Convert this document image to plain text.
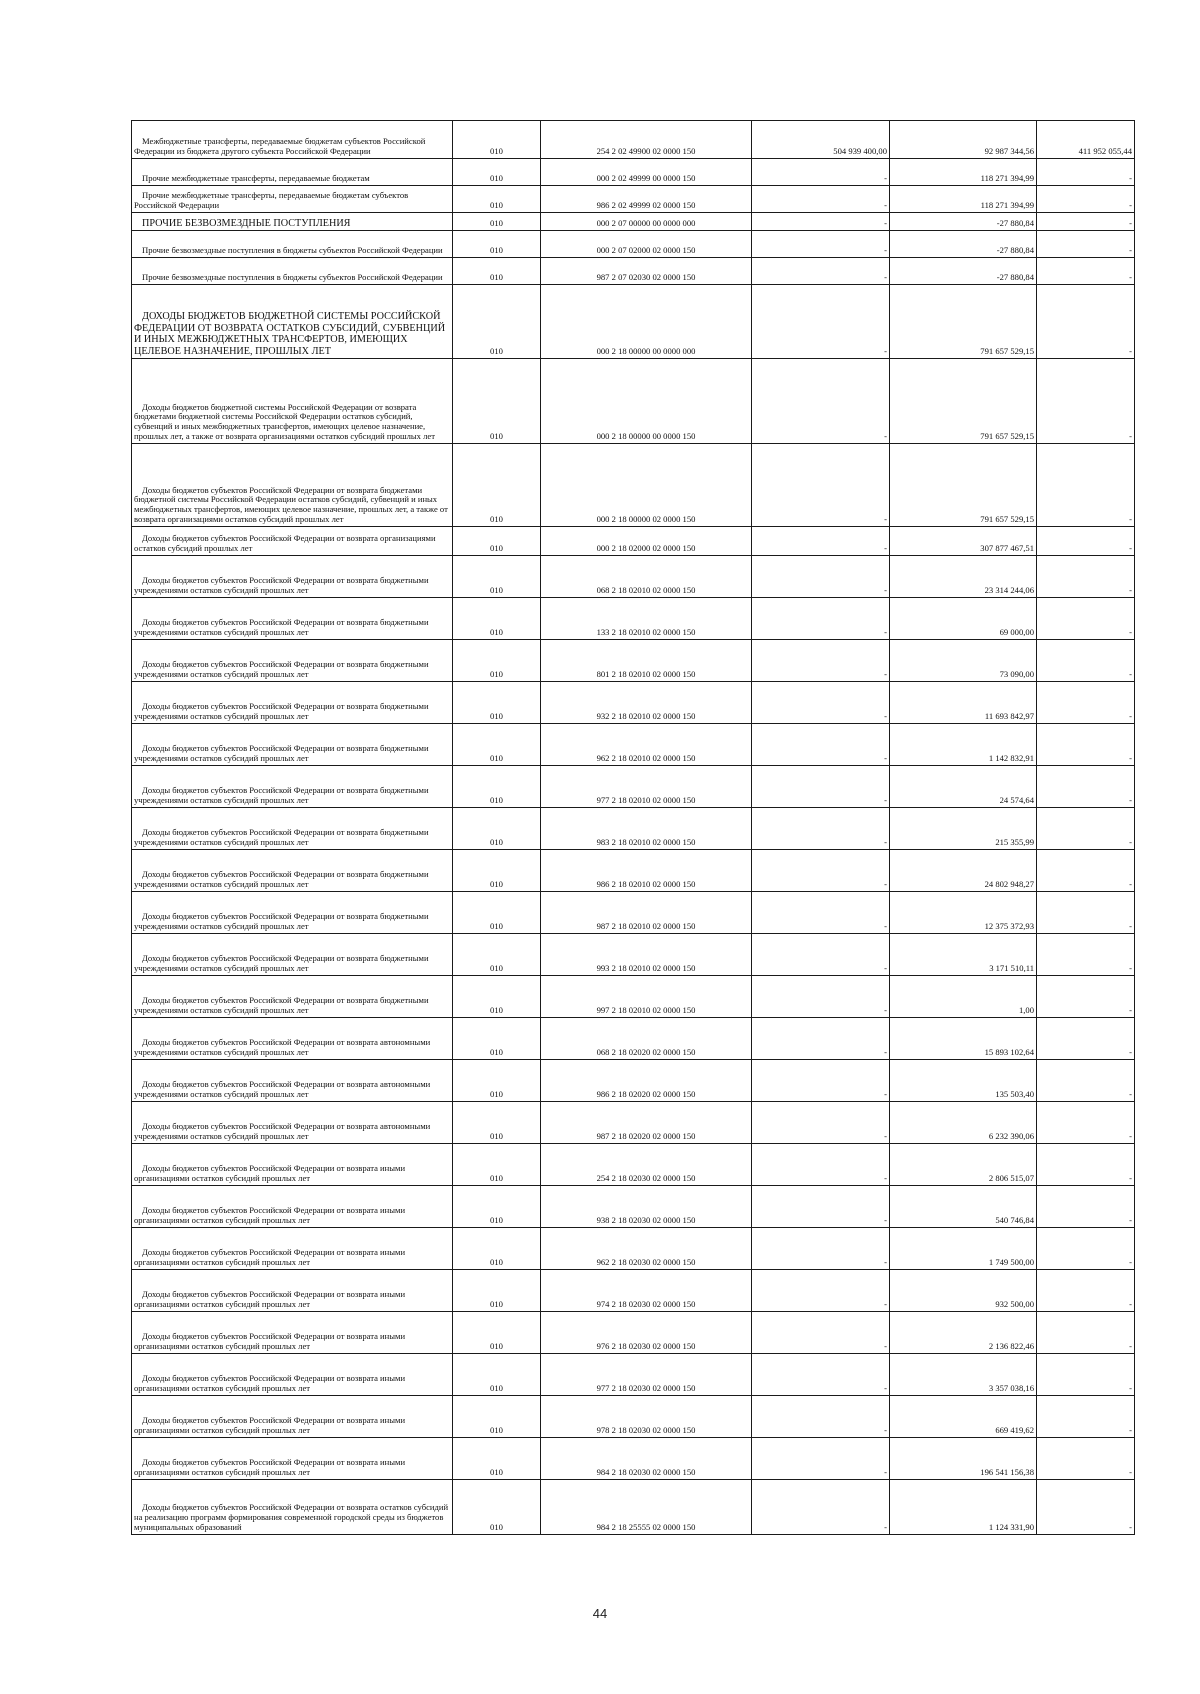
Межбюджетные трансферты, передаваемые бюджетам субъектов Российской Федерации из бюджета другого субъекта Российской Федерации	010	254 2 02 49900 02 0000 150	504 939 400,00	92 987 344,56	411 952 055,44
Прочие межбюджетные трансферты, передаваемые бюджетам	010	000 2 02 49999 00 0000 150	-	118 271 394,99	-
Прочие межбюджетные трансферты, передаваемые бюджетам субъектов Российской Федерации	010	986 2 02 49999 02 0000 150	-	118 271 394,99	-
ПРОЧИЕ БЕЗВОЗМЕЗДНЫЕ ПОСТУПЛЕНИЯ	010	000 2 07 00000 00 0000 000	-	-27 880,84	-
Прочие безвозмездные поступления в бюджеты субъектов Российской Федерации	010	000 2 07 02000 02 0000 150	-	-27 880,84	-
Прочие безвозмездные поступления в бюджеты субъектов Российской Федерации	010	987 2 07 02030 02 0000 150	-	-27 880,84	-
ДОХОДЫ БЮДЖЕТОВ БЮДЖЕТНОЙ СИСТЕМЫ РОССИЙСКОЙ ФЕДЕРАЦИИ ОТ ВОЗВРАТА ОСТАТКОВ СУБСИДИЙ, СУБВЕНЦИЙ И ИНЫХ МЕЖБЮДЖЕТНЫХ ТРАНСФЕРТОВ, ИМЕЮЩИХ ЦЕЛЕВОЕ НАЗНАЧЕНИЕ, ПРОШЛЫХ ЛЕТ	010	000 2 18 00000 00 0000 000	-	791 657 529,15	-
Доходы бюджетов бюджетной системы Российской Федерации от возврата бюджетами бюджетной системы Российской Федерации остатков субсидий, субвенций и иных межбюджетных трансфертов, имеющих целевое назначение, прошлых лет, а также от возврата организациями остатков субсидий прошлых лет	010	000 2 18 00000 00 0000 150	-	791 657 529,15	-
Доходы бюджетов субъектов Российской Федерации от возврата бюджетами бюджетной системы Российской Федерации остатков субсидий, субвенций и иных межбюджетных трансфертов, имеющих целевое назначение, прошлых лет, а также от возврата организациями остатков субсидий прошлых лет	010	000 2 18 00000 02 0000 150	-	791 657 529,15	-
Доходы бюджетов субъектов Российской Федерации от возврата организациями остатков субсидий прошлых лет	010	000 2 18 02000 02 0000 150	-	307 877 467,51	-
Доходы бюджетов субъектов Российской Федерации от возврата бюджетными учреждениями остатков субсидий прошлых лет	010	068 2 18 02010 02 0000 150	-	23 314 244,06	-
Доходы бюджетов субъектов Российской Федерации от возврата бюджетными учреждениями остатков субсидий прошлых лет	010	133 2 18 02010 02 0000 150	-	69 000,00	-
Доходы бюджетов субъектов Российской Федерации от возврата бюджетными учреждениями остатков субсидий прошлых лет	010	801 2 18 02010 02 0000 150	-	73 090,00	-
Доходы бюджетов субъектов Российской Федерации от возврата бюджетными учреждениями остатков субсидий прошлых лет	010	932 2 18 02010 02 0000 150	-	11 693 842,97	-
Доходы бюджетов субъектов Российской Федерации от возврата бюджетными учреждениями остатков субсидий прошлых лет	010	962 2 18 02010 02 0000 150	-	1 142 832,91	-
Доходы бюджетов субъектов Российской Федерации от возврата бюджетными учреждениями остатков субсидий прошлых лет	010	977 2 18 02010 02 0000 150	-	24 574,64	-
Доходы бюджетов субъектов Российской Федерации от возврата бюджетными учреждениями остатков субсидий прошлых лет	010	983 2 18 02010 02 0000 150	-	215 355,99	-
Доходы бюджетов субъектов Российской Федерации от возврата бюджетными учреждениями остатков субсидий прошлых лет	010	986 2 18 02010 02 0000 150	-	24 802 948,27	-
Доходы бюджетов субъектов Российской Федерации от возврата бюджетными учреждениями остатков субсидий прошлых лет	010	987 2 18 02010 02 0000 150	-	12 375 372,93	-
Доходы бюджетов субъектов Российской Федерации от возврата бюджетными учреждениями остатков субсидий прошлых лет	010	993 2 18 02010 02 0000 150	-	3 171 510,11	-
Доходы бюджетов субъектов Российской Федерации от возврата бюджетными учреждениями остатков субсидий прошлых лет	010	997 2 18 02010 02 0000 150	-	1,00	-
Доходы бюджетов субъектов Российской Федерации от возврата автономными учреждениями остатков субсидий прошлых лет	010	068 2 18 02020 02 0000 150	-	15 893 102,64	-
Доходы бюджетов субъектов Российской Федерации от возврата автономными учреждениями остатков субсидий прошлых лет	010	986 2 18 02020 02 0000 150	-	135 503,40	-
Доходы бюджетов субъектов Российской Федерации от возврата автономными учреждениями остатков субсидий прошлых лет	010	987 2 18 02020 02 0000 150	-	6 232 390,06	-
Доходы бюджетов субъектов Российской Федерации от возврата иными организациями остатков субсидий прошлых лет	010	254 2 18 02030 02 0000 150	-	2 806 515,07	-
Доходы бюджетов субъектов Российской Федерации от возврата иными организациями остатков субсидий прошлых лет	010	938 2 18 02030 02 0000 150	-	540 746,84	-
Доходы бюджетов субъектов Российской Федерации от возврата иными организациями остатков субсидий прошлых лет	010	962 2 18 02030 02 0000 150	-	1 749 500,00	-
Доходы бюджетов субъектов Российской Федерации от возврата иными организациями остатков субсидий прошлых лет	010	974 2 18 02030 02 0000 150	-	932 500,00	-
Доходы бюджетов субъектов Российской Федерации от возврата иными организациями остатков субсидий прошлых лет	010	976 2 18 02030 02 0000 150	-	2 136 822,46	-
Доходы бюджетов субъектов Российской Федерации от возврата иными организациями остатков субсидий прошлых лет	010	977 2 18 02030 02 0000 150	-	3 357 038,16	-
Доходы бюджетов субъектов Российской Федерации от возврата иными организациями остатков субсидий прошлых лет	010	978 2 18 02030 02 0000 150	-	669 419,62	-
Доходы бюджетов субъектов Российской Федерации от возврата иными организациями остатков субсидий прошлых лет	010	984 2 18 02030 02 0000 150	-	196 541 156,38	-
Доходы бюджетов субъектов Российской Федерации от возврата остатков субсидий на реализацию программ формирования современной городской среды из бюджетов муниципальных образований	010	984 2 18 25555 02 0000 150	-	1 124 331,90	-
44
